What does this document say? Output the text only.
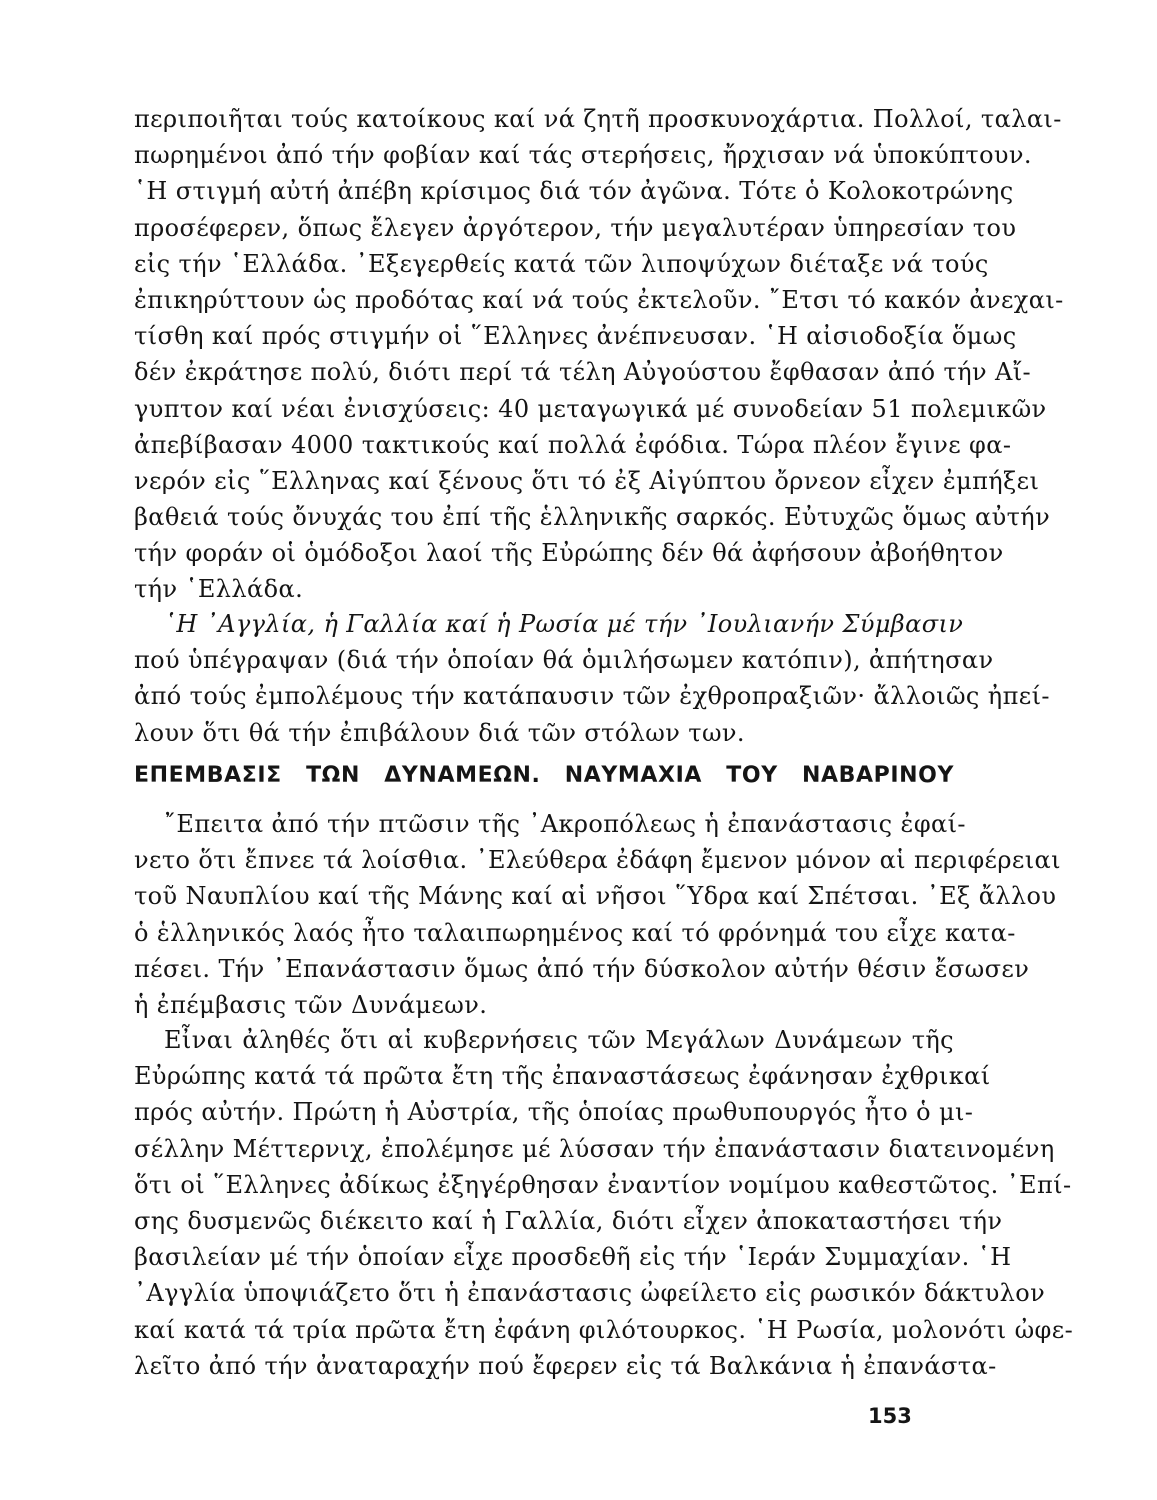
περιποιῆται τούς κατοίκους καί νά ζητῆ προσκυνοχάρτια. Πολλοί, ταλαι-
πωρημένοι ἀπό τήν φοβίαν καί τάς στερήσεις, ἤρχισαν νά ὑποκύπτουν.
῾Η στιγμή αὐτή ἀπέβη κρίσιμος διά τόν ἀγῶνα. Τότε ὁ Κολοκοτρώνης
προσέφερεν, ὅπως ἔλεγεν ἀργότερον, τήν μεγαλυτέραν ὑπηρεσίαν του
εἰς τήν ῾Ελλάδα. ᾿Εξεγερθείς κατά τῶν λιποψύχων διέταξε νά τούς
ἐπικηρύττουν ὡς προδότας καί νά τούς ἐκτελοῦν. ῎Ετσι τό κακόν ἀνεχαι-
τίσθη καί πρός στιγμήν οἱ ῞Ελληνες ἀνέπνευσαν. ῾Η αἰσιοδοξία ὅμως
δέν ἐκράτησε πολύ, διότι περί τά τέλη Αὐγούστου ἔφθασαν ἀπό τήν Αἴ-
γυπτον καί νέαι ἐνισχύσεις: 40 μεταγωγικά μέ συνοδείαν 51 πολεμικῶν
ἀπεβίβασαν 4000 τακτικούς καί πολλά ἐφόδια. Τώρα πλέον ἔγινε φα-
νερόν εἰς ῞Ελληνας καί ξένους ὅτι τό ἐξ Αἰγύπτου ὄρνεον εἶχεν ἐμπήξει
βαθειά τούς ὄνυχάς του ἐπί τῆς ἑλληνικῆς σαρκός. Εὐτυχῶς ὅμως αὐτήν
τήν φοράν οἱ ὁμόδοξοι λαοί τῆς Εὐρώπης δέν θά ἀφήσουν ἀβοήθητον
τήν ῾Ελλάδα.
῾Η ᾿Αγγλία, ἡ Γαλλία καί ἡ Ρωσία μέ τήν ᾿Ιουλιανήν Σύμβασιν
πού ὑπέγραψαν (διά τήν ὁποίαν θά ὁμιλήσωμεν κατόπιν), ἀπήτησαν
ἀπό τούς ἐμπολέμους τήν κατάπαυσιν τῶν ἐχθροπραξιῶν· ἄλλοιῶς ἠπεί-
λουν ὅτι θά τήν ἐπιβάλουν διά τῶν στόλων των.
ΕΠΕΜΒΑΣΙΣ ΤΩΝ ΔΥΝΑΜΕΩΝ. ΝΑΥΜΑΧΙΑ ΤΟΥ ΝΑΒΑΡΙΝΟΥ
῎Επειτα ἀπό τήν πτῶσιν τῆς ᾿Ακροπόλεως ἡ ἐπανάστασις ἐφαί-
νετο ὅτι ἔπνεε τά λοίσθια. ᾿Ελεύθερα ἐδάφη ἔμενον μόνον αἱ περιφέρειαι
τοῦ Ναυπλίου καί τῆς Μάνης καί αἱ νῆσοι ῞Υδρα καί Σπέτσαι. ᾿Εξ ἄλλου
ὁ ἑλληνικός λαός ἦτο ταλαιπωρημένος καί τό φρόνημά του εἶχε κατα-
πέσει. Τήν ᾿Επανάστασιν ὅμως ἀπό τήν δύσκολον αὐτήν θέσιν ἔσωσεν
ἡ ἐπέμβασις τῶν Δυνάμεων.
Εἶναι ἀληθές ὅτι αἱ κυβερνήσεις τῶν Μεγάλων Δυνάμεων τῆς
Εὐρώπης κατά τά πρῶτα ἔτη τῆς ἐπαναστάσεως ἐφάνησαν ἐχθρικαί
πρός αὐτήν. Πρώτη ἡ Αὐστρία, τῆς ὁποίας πρωθυπουργός ἦτο ὁ μι-
σέλλην Μέττερνιχ, ἐπολέμησε μέ λύσσαν τήν ἐπανάστασιν διατεινομένη
ὅτι οἱ ῞Ελληνες ἀδίκως ἐξηγέρθησαν ἐναντίον νομίμου καθεστῶτος. ᾿Επί-
σης δυσμενῶς διέκειτο καί ἡ Γαλλία, διότι εἶχεν ἀποκαταστήσει τήν
βασιλείαν μέ τήν ὁποίαν εἶχε προσδεθῆ εἰς τήν ῾Ιεράν Συμμαχίαν. ῾Η
᾿Αγγλία ὑποψιάζετο ὅτι ἡ ἐπανάστασις ὠφείλετο εἰς ρωσικόν δάκτυλον
καί κατά τά τρία πρῶτα ἔτη ἐφάνη φιλότουρκος. ῾Η Ρωσία, μολονότι ὠφε-
λεῖτο ἀπό τήν ἀναταραχήν πού ἔφερεν εἰς τά Βαλκάνια ἡ ἐπανάστα-
153
